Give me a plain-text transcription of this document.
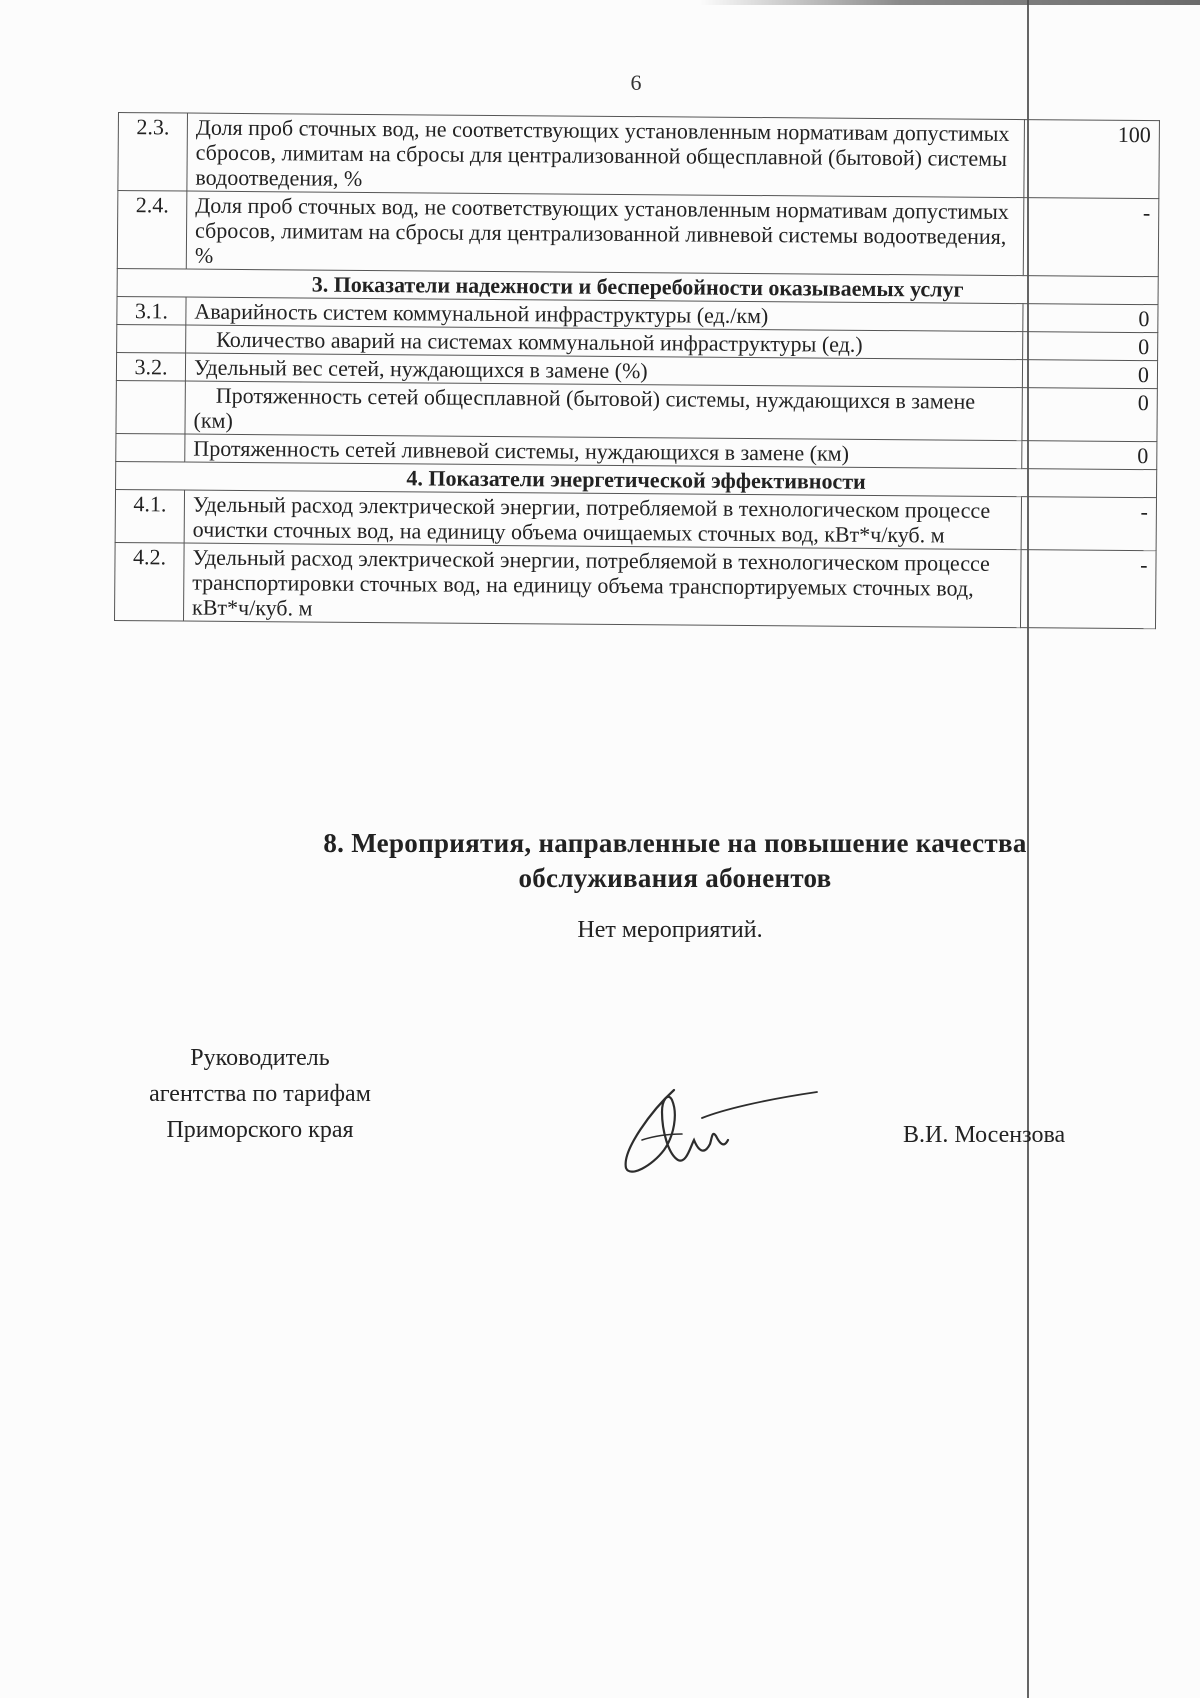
6
2.3.	Доля проб сточных вод, не соответствующих установленным нормативам допустимых сбросов, лимитам на сбросы для централизованной общесплавной (бытовой) системы водоотведения, %	100
2.4.	Доля проб сточных вод, не соответствующих установленным нормативам допустимых сбросов, лимитам на сбросы для централизованной ливневой системы водоотведения, %	-
3. Показатели надежности и бесперебойности оказываемых услуг		
3.1.	Аварийность систем коммунальной инфраструктуры (ед./км)	0
	Количество аварий на системах коммунальной инфраструктуры (ед.)	0
3.2.	Удельный вес сетей, нуждающихся в замене (%)	0
	Протяженность сетей общесплавной (бытовой) системы, нуждающихся в замене (км)	0
	Протяженность сетей ливневой системы, нуждающихся в замене (км)	0
4. Показатели энергетической эффективности		
4.1.	Удельный расход электрической энергии, потребляемой в технологическом процессе очистки сточных вод, на единицу объема очищаемых сточных вод, кВт*ч/куб. м	-
4.2.	Удельный расход электрической энергии, потребляемой в технологическом процессе транспортировки сточных вод, на единицу объема транспортируемых сточных вод, кВт*ч/куб. м	-
8. Мероприятия, направленные на повышение качества
обслуживания абонентов
Нет мероприятий.
Руководитель
агентства по тарифам
Приморского края	В.И. Мосензова
